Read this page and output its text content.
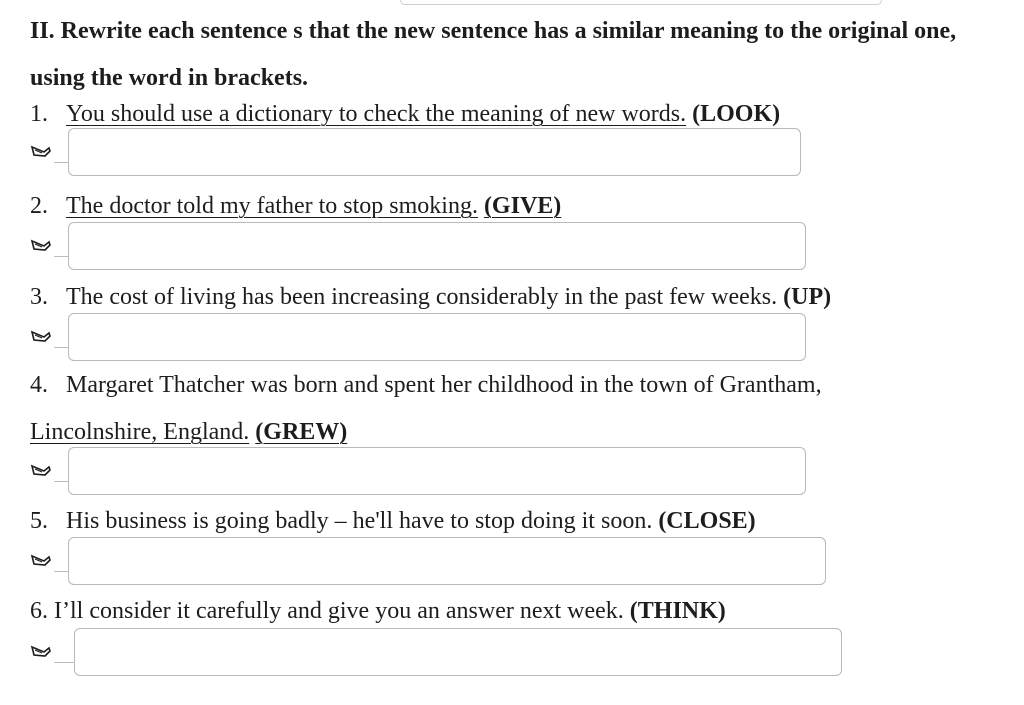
II. Rewrite each sentence s that the new sentence has a similar meaning to the original one, using the word in brackets.

1. You should use a dictionary to check the meaning of new words. (LOOK)
2. The doctor told my father to stop smoking. (GIVE)
3. The cost of living has been increasing considerably in the past few weeks. (UP)
4. Margaret Thatcher was born and spent her childhood in the town of Grantham,
Lincolnshire, England. (GREW)
5. His business is going badly – he'll have to stop doing it soon. (CLOSE)
6. I’ll consider it carefully and give you an answer next week. (THINK)
